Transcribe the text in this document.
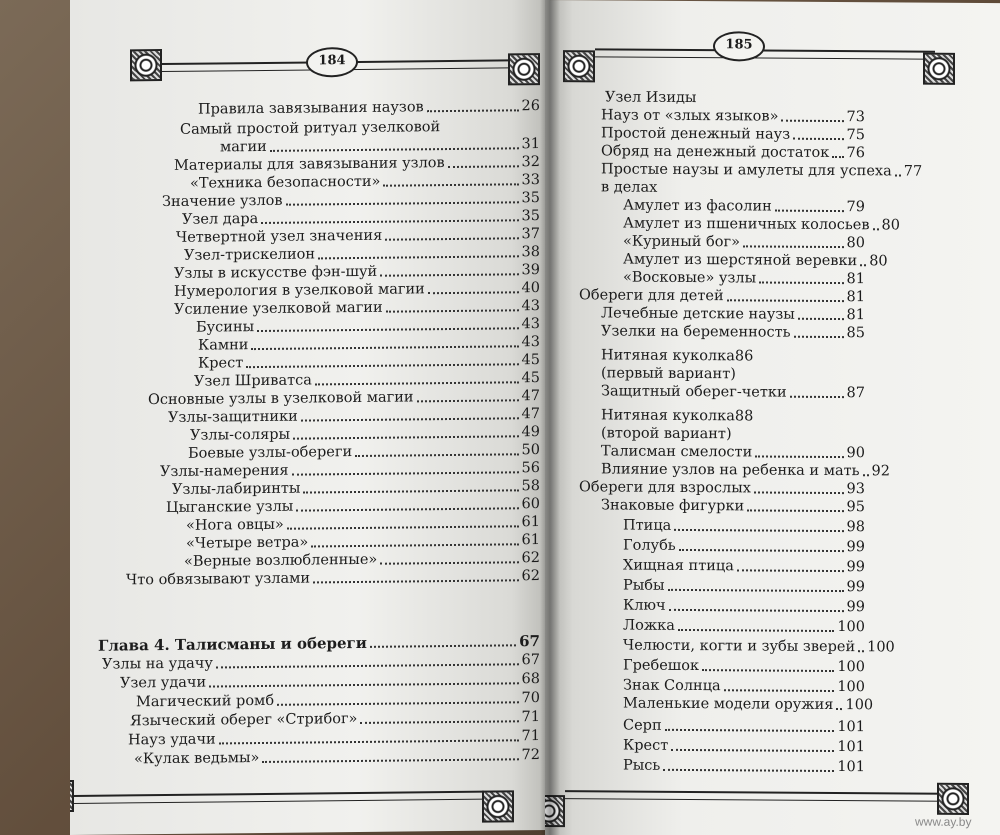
184
Правила завязывания наузов	26
Самый простой ритуал узелковой
магии	31
Материалы для завязывания узлов	32
«Техника безопасности»	33
Значение узлов	35
Узел дара	35
Четвертной узел значения	37
Узел-трискелион	38
Узлы в искусстве фэн-шуй	39
Нумерология в узелковой магии	40
Усиление узелковой магии	43
Бусины	43
Камни	43
Крест	45
Узел Шриватса	45
Основные узлы в узелковой магии	47
Узлы-защитники	47
Узлы-соляры	49
Боевые узлы-обереги	50
Узлы-намерения	56
Узлы-лабиринты	58
Цыганские узлы	60
«Нога овцы»	61
«Четыре ветра»	61
«Верные возлюбленные»	62
Что обвязывают узлами	62
Глава 4. Талисманы и обереги	67
Узлы на удачу	67
Узел удачи	68
Магический ромб	70
Языческий оберег «Стрибог»	71
Науз удачи	71
«Кулак ведьмы»	72
185
Узел Изиды
Науз от «злых языков»	73
Простой денежный науз	75
Обряд на денежный достаток 76
Простые наузы и амулеты для успеха 77
в делах
Амулет из фасолин	79
Амулет из пшеничных колосьев 80
«Куриный бог»	80
Амулет из шерстяной веревки 80
«Восковые» узлы	81
Обереги для детей	81
Лечебные детские наузы	81
Узелки на беременность	85
Нитяная куколка 86
(первый вариант)
Защитный оберег-четки	87
Нитяная куколка 88
(второй вариант)
Талисман смелости	90
Влияние узлов на ребенка и мать 92
Обереги для взрослых	93
Знаковые фигурки	95
Птица	98
Голубь	99
Хищная птица	99
Рыбы	99
Ключ	99
Ложка	100
Челюсти, когти и зубы зверей 100
Гребешок	100
Знак Солнца	100
Маленькие модели оружия 100
Серп	101
Крест	101
Рысь	101
www.ay.by
